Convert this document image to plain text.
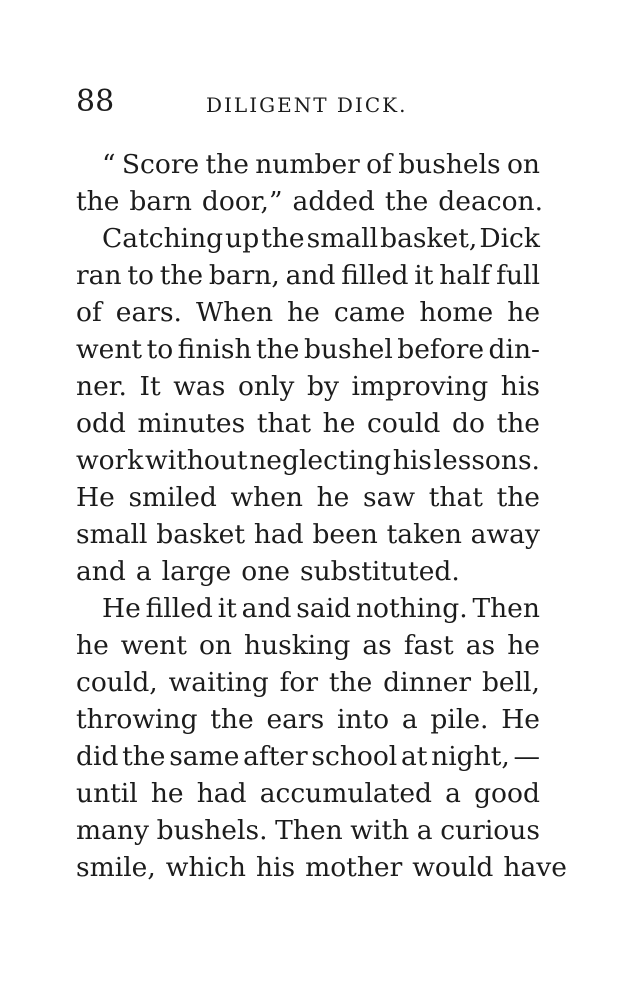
88	DILIGENT DICK.
“ Score the number of bushels on
the barn door,” added the deacon.
Catching up the small basket, Dick
ran to the barn, and filled it half full
of ears. When he came home he
went to finish the bushel before din-
ner. It was only by improving his
odd minutes that he could do the
work without neglecting his lessons.
He smiled when he saw that the
small basket had been taken away
and a large one substituted.
He filled it and said nothing. Then
he went on husking as fast as he
could, waiting for the dinner bell,
throwing the ears into a pile. He
did the same after school at night, —
until he had accumulated a good
many bushels. Then with a curious
smile, which his mother would have
